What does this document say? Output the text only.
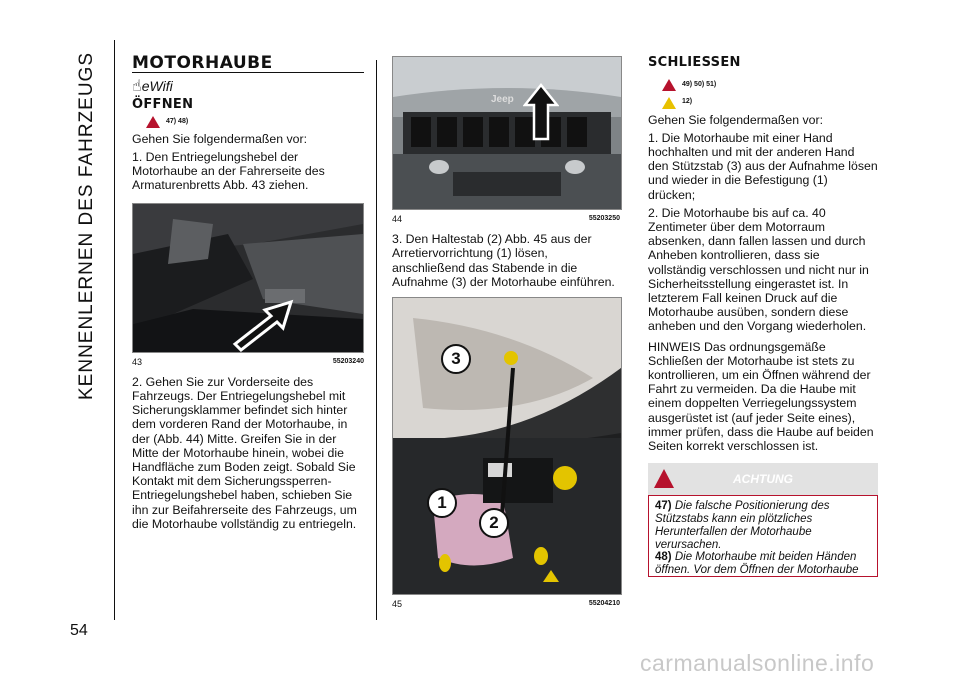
KENNENLERNEN DES FAHRZEUGS
54
MOTORHAUBE
☝eWifi
ÖFFNEN
47) 48)

Gehen Sie folgendermaßen vor:

1. Den Entriegelungshebel der Motorhaube an der Fahrerseite des Armaturenbretts Abb. 43 ziehen.

43	55203240

2. Gehen Sie zur Vorderseite des Fahrzeugs. Der Entriegelungshebel mit Sicherungsklammer befindet sich hinter dem vorderen Rand der Motorhaube, in der (Abb. 44) Mitte. Greifen Sie in der Mitte der Motorhaube hinein, wobei die Handfläche zum Boden zeigt. Sobald Sie Kontakt mit dem Sicherungssperren-Entriegelungshebel haben, schieben Sie ihn zur Beifahrerseite des Fahrzeugs, um die Motorhaube vollständig zu entriegeln.

Jeep
44	55203250

3. Den Haltestab (2) Abb. 45 aus der Arretiervorrichtung (1) lösen, anschließend das Stabende in die Aufnahme (3) der Motorhaube einführen.

3
1
2
45	55204210
SCHLIESSEN
49) 50) 51)
12)

Gehen Sie folgendermaßen vor:

1. Die Motorhaube mit einer Hand hochhalten und mit der anderen Hand den Stützstab (3) aus der Aufnahme lösen und wieder in die Befestigung (1) drücken;

2. Die Motorhaube bis auf ca. 40 Zentimeter über dem Motorraum absenken, dann fallen lassen und durch Anheben kontrollieren, dass sie vollständig verschlossen und nicht nur in Sicherheitsstellung eingerastet ist. In letzterem Fall keinen Druck auf die Motorhaube ausüben, sondern diese anheben und den Vorgang wiederholen.

HINWEIS Das ordnungsgemäße Schließen der Motorhaube ist stets zu kontrollieren, um ein Öffnen während der Fahrt zu vermeiden. Da die Haube mit einem doppelten Verriegelungssystem ausgerüstet ist (auf jeder Seite eines), immer prüfen, dass die Haube auf beiden Seiten korrekt verschlossen ist.

ACHTUNG
47) Die falsche Positionierung des Stützstabs kann ein plötzliches Herunterfallen der Motorhaube verursachen.
48) Die Motorhaube mit beiden Händen öffnen. Vor dem Öffnen der Motorhaube
carmanualsonline.info
